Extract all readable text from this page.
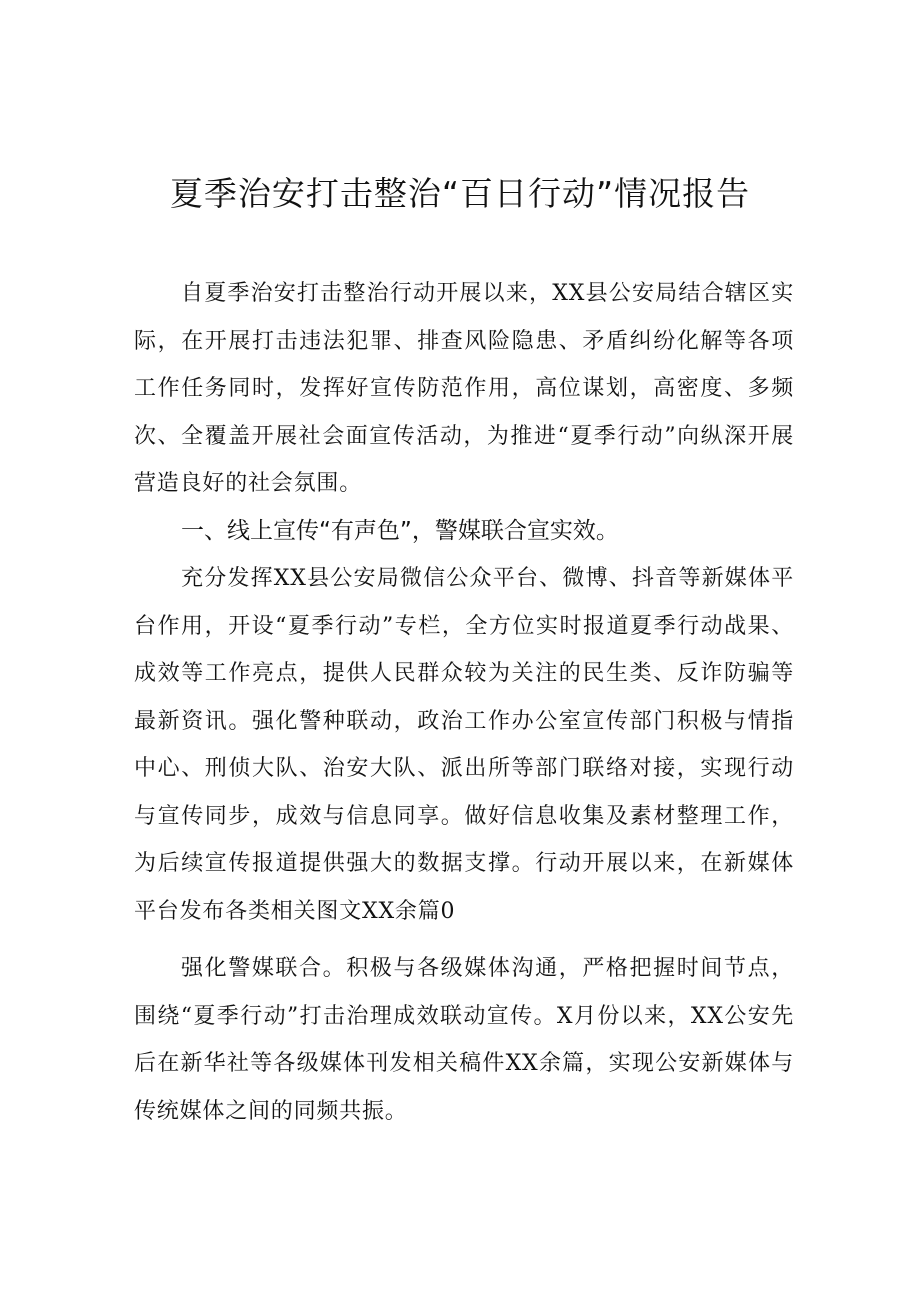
夏季治安打击整治“百日行动”情况报告

自夏季治安打击整治行动开展以来，XX县公安局结合辖区实际，在开展打击违法犯罪、排查风险隐患、矛盾纠纷化解等各项工作任务同时，发挥好宣传防范作用，高位谋划，高密度、多频次、全覆盖开展社会面宣传活动，为推进“夏季行动”向纵深开展营造良好的社会氛围。

一、线上宣传“有声色”，警媒联合宣实效。

充分发挥XX县公安局微信公众平台、微博、抖音等新媒体平台作用，开设“夏季行动”专栏，全方位实时报道夏季行动战果、成效等工作亮点，提供人民群众较为关注的民生类、反诈防骗等最新资讯。强化警种联动，政治工作办公室宣传部门积极与情指中心、刑侦大队、治安大队、派出所等部门联络对接，实现行动与宣传同步，成效与信息同享。做好信息收集及素材整理工作，为后续宣传报道提供强大的数据支撑。行动开展以来，在新媒体平台发布各类相关图文XX余篇0

强化警媒联合。积极与各级媒体沟通，严格把握时间节点，围绕“夏季行动”打击治理成效联动宣传。X月份以来，XX公安先后在新华社等各级媒体刊发相关稿件XX余篇，实现公安新媒体与传统媒体之间的同频共振。
